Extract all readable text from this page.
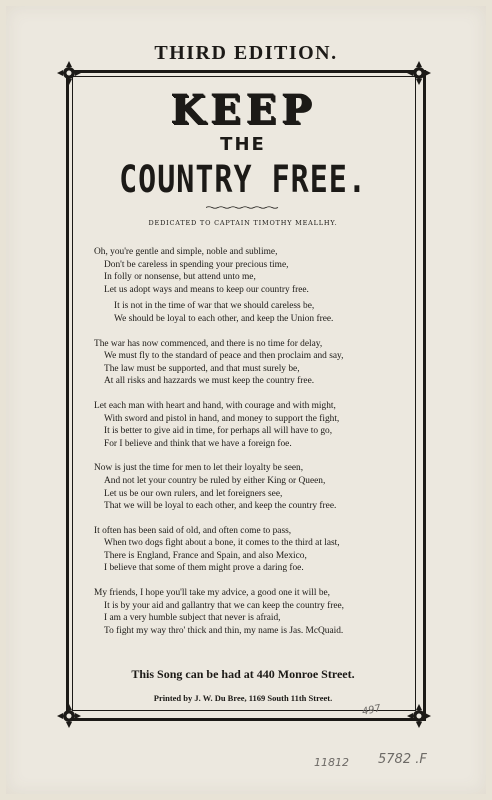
THIRD EDITION.
KEEP
THE
COUNTRY FREE.
DEDICATED TO CAPTAIN TIMOTHY MEALLHY.
Oh, you're gentle and simple, noble and sublime,
Don't be careless in spending your precious time,
In folly or nonsense, but attend unto me,
Let us adopt ways and means to keep our country free.
It is not in the time of war that we should careless be,
We should be loyal to each other, and keep the Union free.
The war has now commenced, and there is no time for delay,
We must fly to the standard of peace and then proclaim and say,
The law must be supported, and that must surely be,
At all risks and hazzards we must keep the country free.
Let each man with heart and hand, with courage and with might,
With sword and pistol in hand, and money to support the fight,
It is better to give aid in time, for perhaps all will have to go,
For I believe and think that we have a foreign foe.
Now is just the time for men to let their loyalty be seen,
And not let your country be ruled by either King or Queen,
Let us be our own rulers, and let foreigners see,
That we will be loyal to each other, and keep the country free.
It often has been said of old, and often come to pass,
When two dogs fight about a bone, it comes to the third at last,
There is England, France and Spain, and also Mexico,
I believe that some of them might prove a daring foe.
My friends, I hope you'll take my advice, a good one it will be,
It is by your aid and gallantry that we can keep the country free,
I am a very humble subject that never is afraid,
To fight my way thro' thick and thin, my name is Jas. McQuaid.
This Song can be had at 440 Monroe Street.
Printed by J. W. Du Bree, 1169 South 11th Street.
497
11812 5782 .F
